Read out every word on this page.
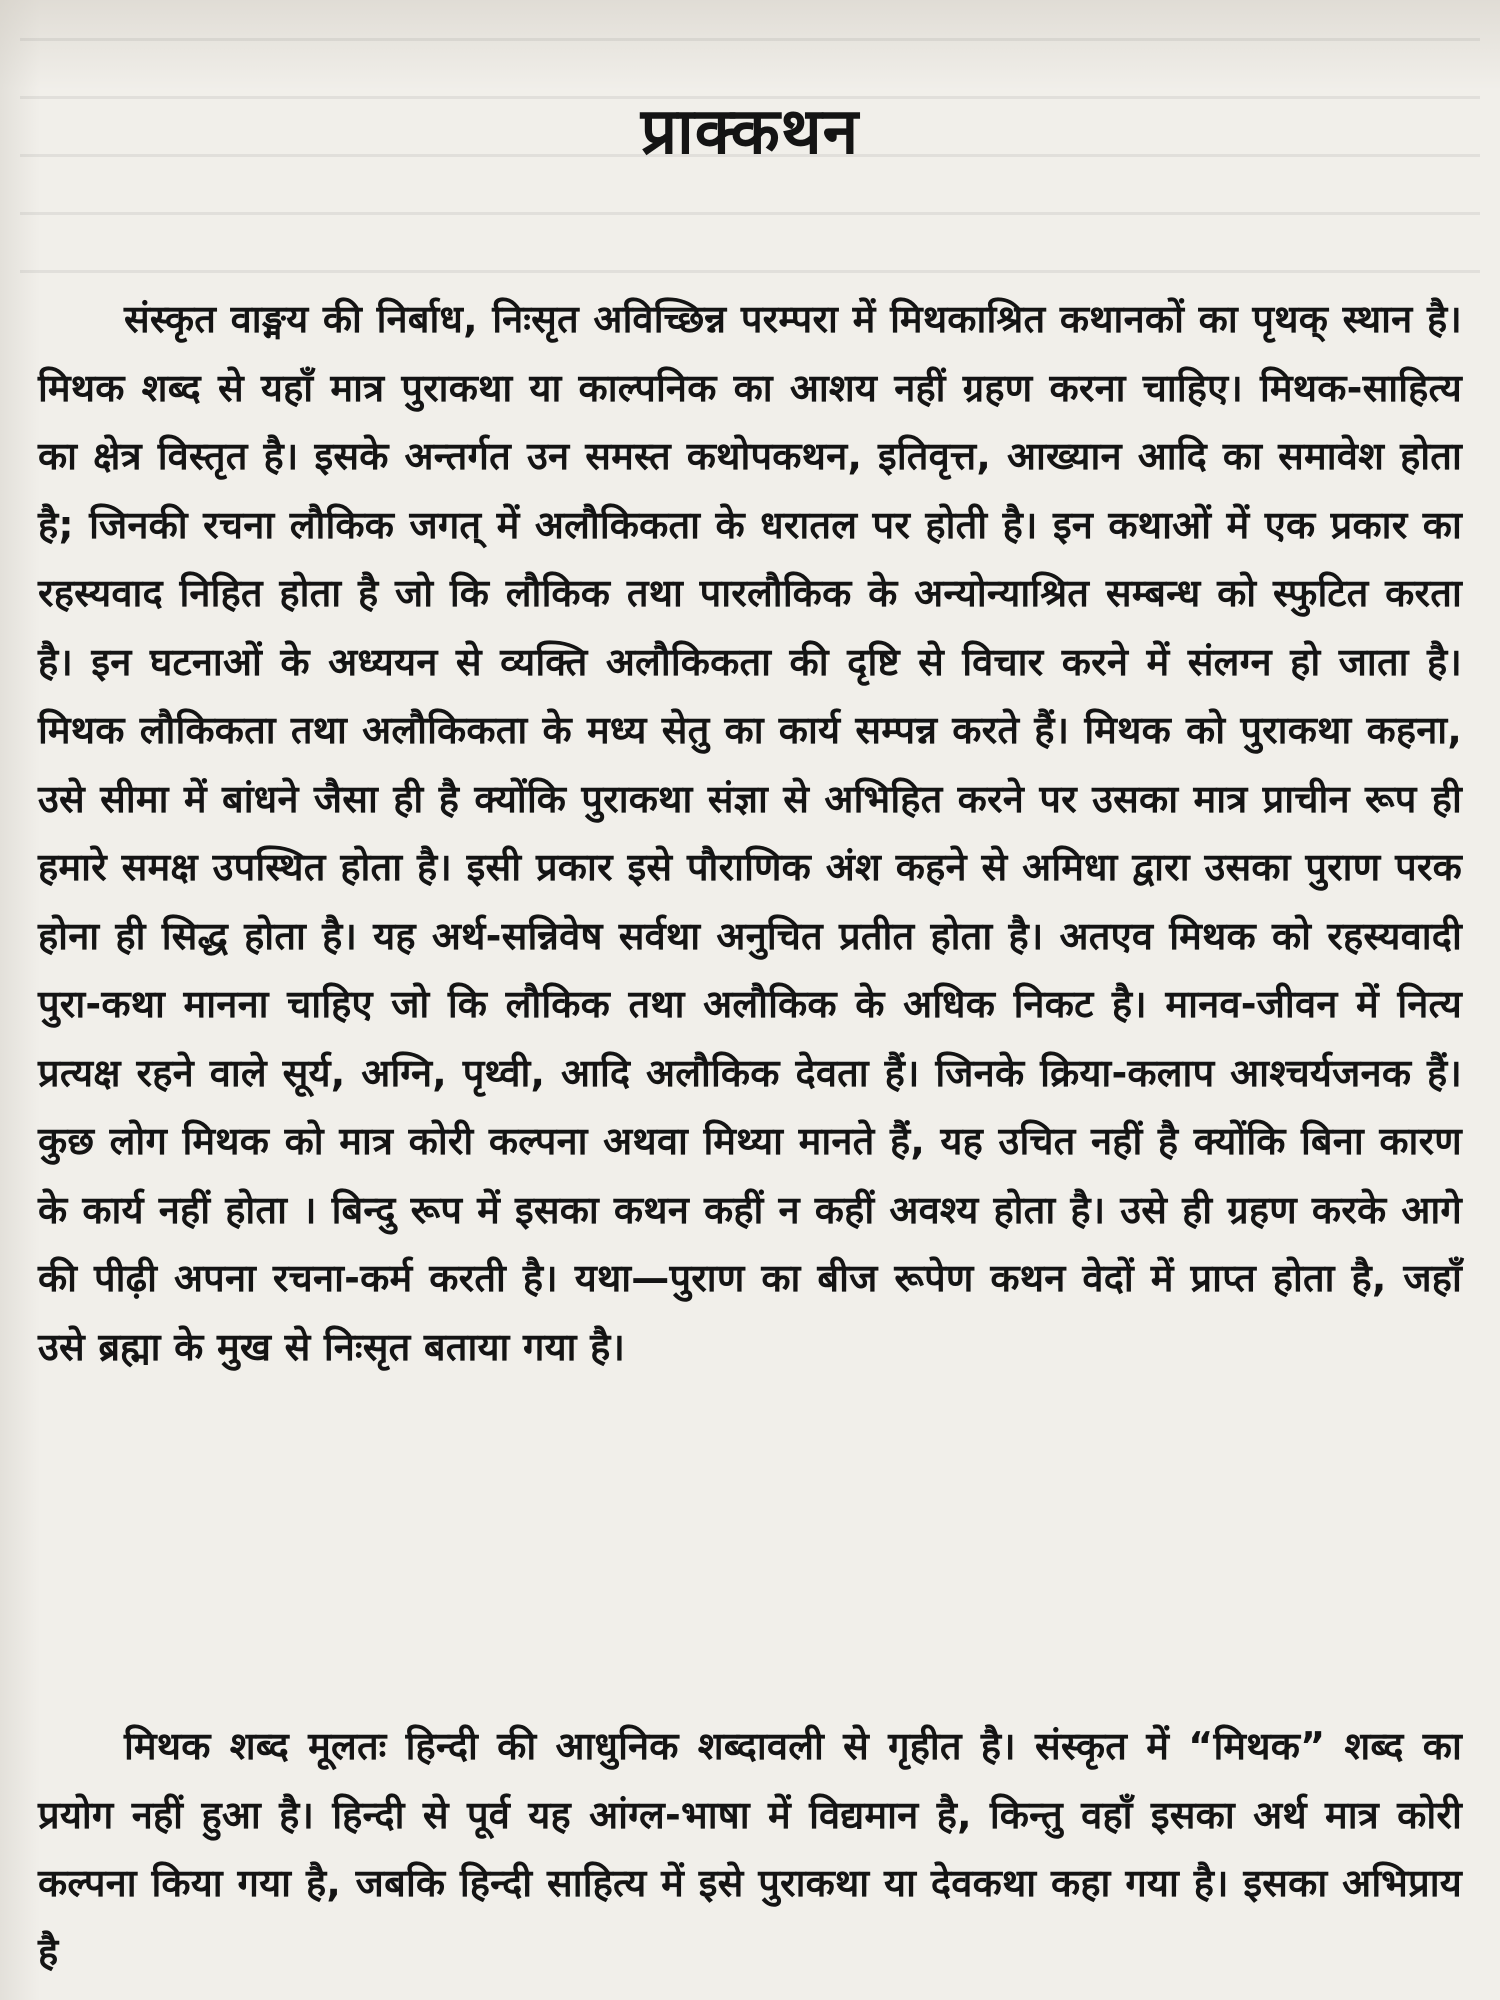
प्राक्कथन

संस्कृत वाङ्मय की निर्बाध, निःसृत अविच्छिन्न परम्परा में मिथकाश्रित कथानकों का पृथक् स्थान है। मिथक शब्द से यहाँ मात्र पुराकथा या काल्पनिक का आशय नहीं ग्रहण करना चाहिए। मिथक-साहित्य का क्षेत्र विस्तृत है। इसके अन्तर्गत उन समस्त कथोपकथन, इतिवृत्त, आख्यान आदि का समावेश होता है; जिनकी रचना लौकिक जगत् में अलौकिकता के धरातल पर होती है। इन कथाओं में एक प्रकार का रहस्यवाद निहित होता है जो कि लौकिक तथा पारलौकिक के अन्योन्याश्रित सम्बन्ध को स्फुटित करता है। इन घटनाओं के अध्ययन से व्यक्ति अलौकिकता की दृष्टि से विचार करने में संलग्न हो जाता है। मिथक लौकिकता तथा अलौकिकता के मध्य सेतु का कार्य सम्पन्न करते हैं। मिथक को पुराकथा कहना, उसे सीमा में बांधने जैसा ही है क्योंकि पुराकथा संज्ञा से अभिहित करने पर उसका मात्र प्राचीन रूप ही हमारे समक्ष उपस्थित होता है। इसी प्रकार इसे पौराणिक अंश कहने से अमिधा द्वारा उसका पुराण परक होना ही सिद्ध होता है। यह अर्थ-सन्निवेष सर्वथा अनुचित प्रतीत होता है। अतएव मिथक को रहस्यवादी पुरा-कथा मानना चाहिए जो कि लौकिक तथा अलौकिक के अधिक निकट है। मानव-जीवन में नित्य प्रत्यक्ष रहने वाले सूर्य, अग्नि, पृथ्वी, आदि अलौकिक देवता हैं। जिनके क्रिया-कलाप आश्चर्यजनक हैं। कुछ लोग मिथक को मात्र कोरी कल्पना अथवा मिथ्या मानते हैं, यह उचित नहीं है क्योंकि बिना कारण के कार्य नहीं होता । बिन्दु रूप में इसका कथन कहीं न कहीं अवश्य होता है। उसे ही ग्रहण करके आगे की पीढ़ी अपना रचना-कर्म करती है। यथा—पुराण का बीज रूपेण कथन वेदों में प्राप्त होता है, जहाँ उसे ब्रह्मा के मुख से निःसृत बताया गया है।

मिथक शब्द मूलतः हिन्दी की आधुनिक शब्दावली से गृहीत है। संस्कृत में “मिथक” शब्द का प्रयोग नहीं हुआ है। हिन्दी से पूर्व यह आंग्ल-भाषा में विद्यमान है, किन्तु वहाँ इसका अर्थ मात्र कोरी कल्पना किया गया है, जबकि हिन्दी साहित्य में इसे पुराकथा या देवकथा कहा गया है। इसका अभिप्राय है
